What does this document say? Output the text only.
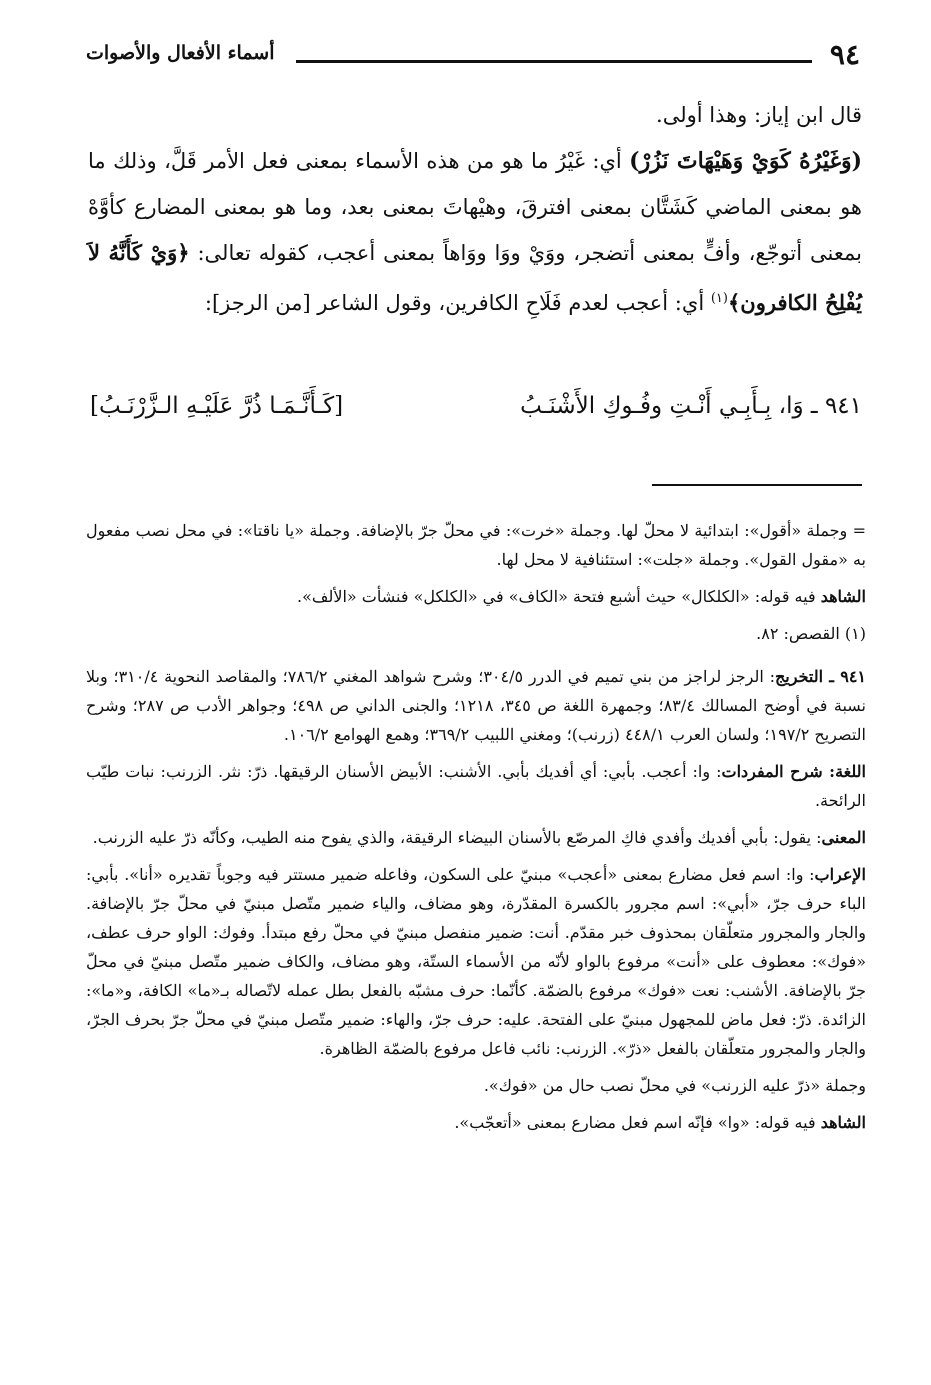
٩٤
أسماء الأفعال والأصوات

قال ابن إياز: وهذا أولى.

(وَغَيْرُهُ كَوَيْ وَهَيْهَاتَ نَزُرْ) أي: غَيْرُ ما هو من هذه الأسماء بمعنى فعل الأمر قَلَّ، وذلك ما هو بمعنى الماضي كَشَتَّان بمعنى افترقَ، وهيْهاتَ بمعنى بعد، وما هو بمعنى المضارع كأوَّهْ بمعنى أتوجّع، وأفٍّ بمعنى أتضجر، ووَيْ ووَا ووَاهاً بمعنى أعجب، كقوله تعالى: ﴿وَيْ كَأَنَّهُ لاَ يُفْلِحُ الكافرون﴾$^{(١)}$ أي: أعجب لعدم فَلَاحِ الكافرين، وقول الشاعر [من الرجز]:

٩٤١ ـ وَا، بِـأَبِـي أَنْـتِ وفُـوكِ الأَشْنَـبُ
[كَـأَنَّـمَـا ذُرَّ عَلَيْـهِ الـزَّرْنَـبُ]

= وجملة «أقول»: ابتدائية لا محلّ لها. وجملة «خرت»: في محلّ جرّ بالإضافة. وجملة «يا ناقتا»: في محل نصب مفعول به «مقول القول». وجملة «جلت»: استئنافية لا محل لها.

الشاهد فيه قوله: «الكلكال» حيث أشبع فتحة «الكاف» في «الكلكل» فنشأت «الألف».

(١) القصص: ٨٢.

٩٤١ ـ التخريج: الرجز لراجز من بني تميم في الدرر ٣٠٤/٥؛ وشرح شواهد المغني ٧٨٦/٢؛ والمقاصد النحوية ٣١٠/٤؛ وبلا نسبة في أوضح المسالك ٨٣/٤؛ وجمهرة اللغة ص ٣٤٥، ١٢١٨؛ والجنى الداني ص ٤٩٨؛ وجواهر الأدب ص ٢٨٧؛ وشرح التصريح ١٩٧/٢؛ ولسان العرب ٤٤٨/١ (زرنب)؛ ومغني اللبيب ٣٦٩/٢؛ وهمع الهوامع ١٠٦/٢.

اللغة: شرح المفردات: وا: أعجب. بأبي: أي أفديك بأبي. الأشنب: الأبيض الأسنان الرقيقها. ذرّ: نثر. الزرنب: نبات طيّب الرائحة.

المعنى: يقول: بأبي أفديك وأفدي فاكِ المرصّع بالأسنان البيضاء الرقيقة، والذي يفوح منه الطيب، وكأنّه ذرّ عليه الزرنب.

الإعراب: وا: اسم فعل مضارع بمعنى «أعجب» مبنيّ على السكون، وفاعله ضمير مستتر فيه وجوباً تقديره «أنا». بأبي: الباء حرف جرّ، «أبي»: اسم مجرور بالكسرة المقدّرة، وهو مضاف، والياء ضمير متّصل مبنيّ في محلّ جرّ بالإضافة. والجار والمجرور متعلّقان بمحذوف خبر مقدّم. أنت: ضمير منفصل مبنيّ في محلّ رفع مبتدأ. وفوك: الواو حرف عطف، «فوك»: معطوف على «أنت» مرفوع بالواو لأنّه من الأسماء الستّة، وهو مضاف، والكاف ضمير متّصل مبنيّ في محلّ جرّ بالإضافة. الأشنب: نعت «فوك» مرفوع بالضمّة. كأنّما: حرف مشبّه بالفعل بطل عمله لاتّصاله بـ«ما» الكافة، و«ما»: الزائدة. ذرّ: فعل ماض للمجهول مبنيّ على الفتحة. عليه: حرف جرّ، والهاء: ضمير متّصل مبنيّ في محلّ جرّ بحرف الجرّ، والجار والمجرور متعلّقان بالفعل «ذرّ». الزرنب: نائب فاعل مرفوع بالضمّة الظاهرة.

وجملة «ذرّ عليه الزرنب» في محلّ نصب حال من «فوك».

الشاهد فيه قوله: «وا» فإنّه اسم فعل مضارع بمعنى «أتعجّب».
